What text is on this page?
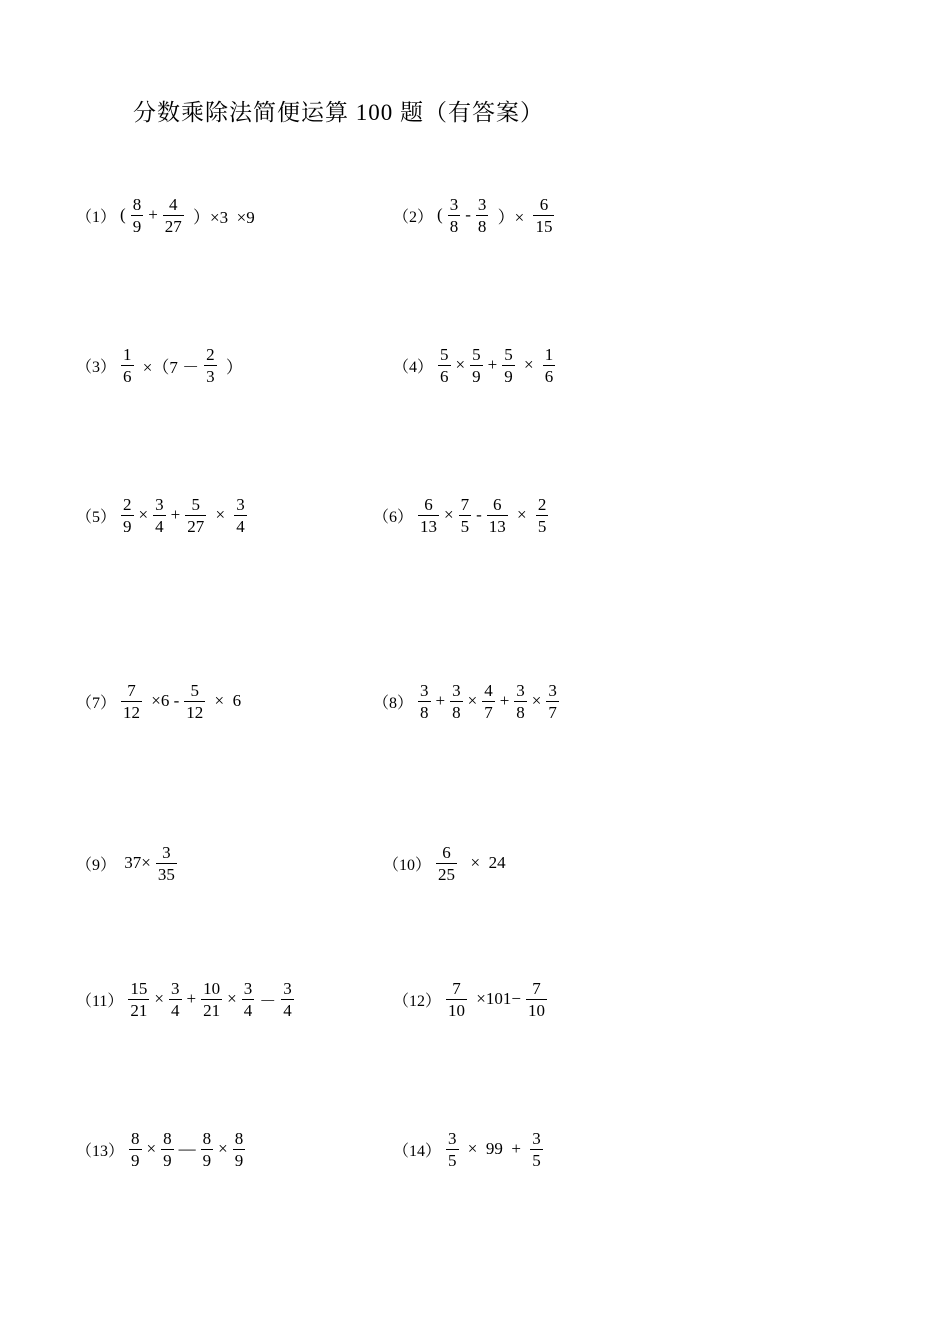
分数乘除法简便运算 100 题（有答案）
（1） ( $\frac{8}{9} + \frac{4}{27} )\times 3 \times 9$	（2） ( $\frac{3}{8} - \frac{3}{8}$ ）× $\frac{6}{15}$
$(3) \frac{1}{6} \times(7 - \frac{2}{3}$ ）	$(4) \frac{5}{6} \times \frac{5}{9} + \frac{5}{9} \times \frac{1}{6}$
$(5) \frac{2}{9} \times \frac{3}{4} + \frac{5}{27} \times \frac{3}{4}$	$(6) \frac{6}{13} \times \frac{7}{5} - \frac{6}{13} \times \frac{2}{5}$
$(7) \frac{7}{12} \times 6 - \frac{5}{12} \times 6$	$(8) \frac{3}{8} + \frac{3}{8} \times \frac{4}{7} + \frac{3}{8} \times \frac{3}{7}$
（9） $37\times \frac{3}{35}$	$(10) \frac{6}{25} \times 24$
$(11) \frac{15}{21} \times \frac{3}{4} + \frac{10}{21} \times \frac{3}{4} - \frac{3}{4}$	$(12) \frac{7}{10} \times 101- \frac{7}{10}$
$(13) \frac{8}{9} \times \frac{8}{9}$ — $\frac{8}{9} \times \frac{8}{9}$	$(14) \frac{3}{5} \times 99 + \frac{3}{5}$
